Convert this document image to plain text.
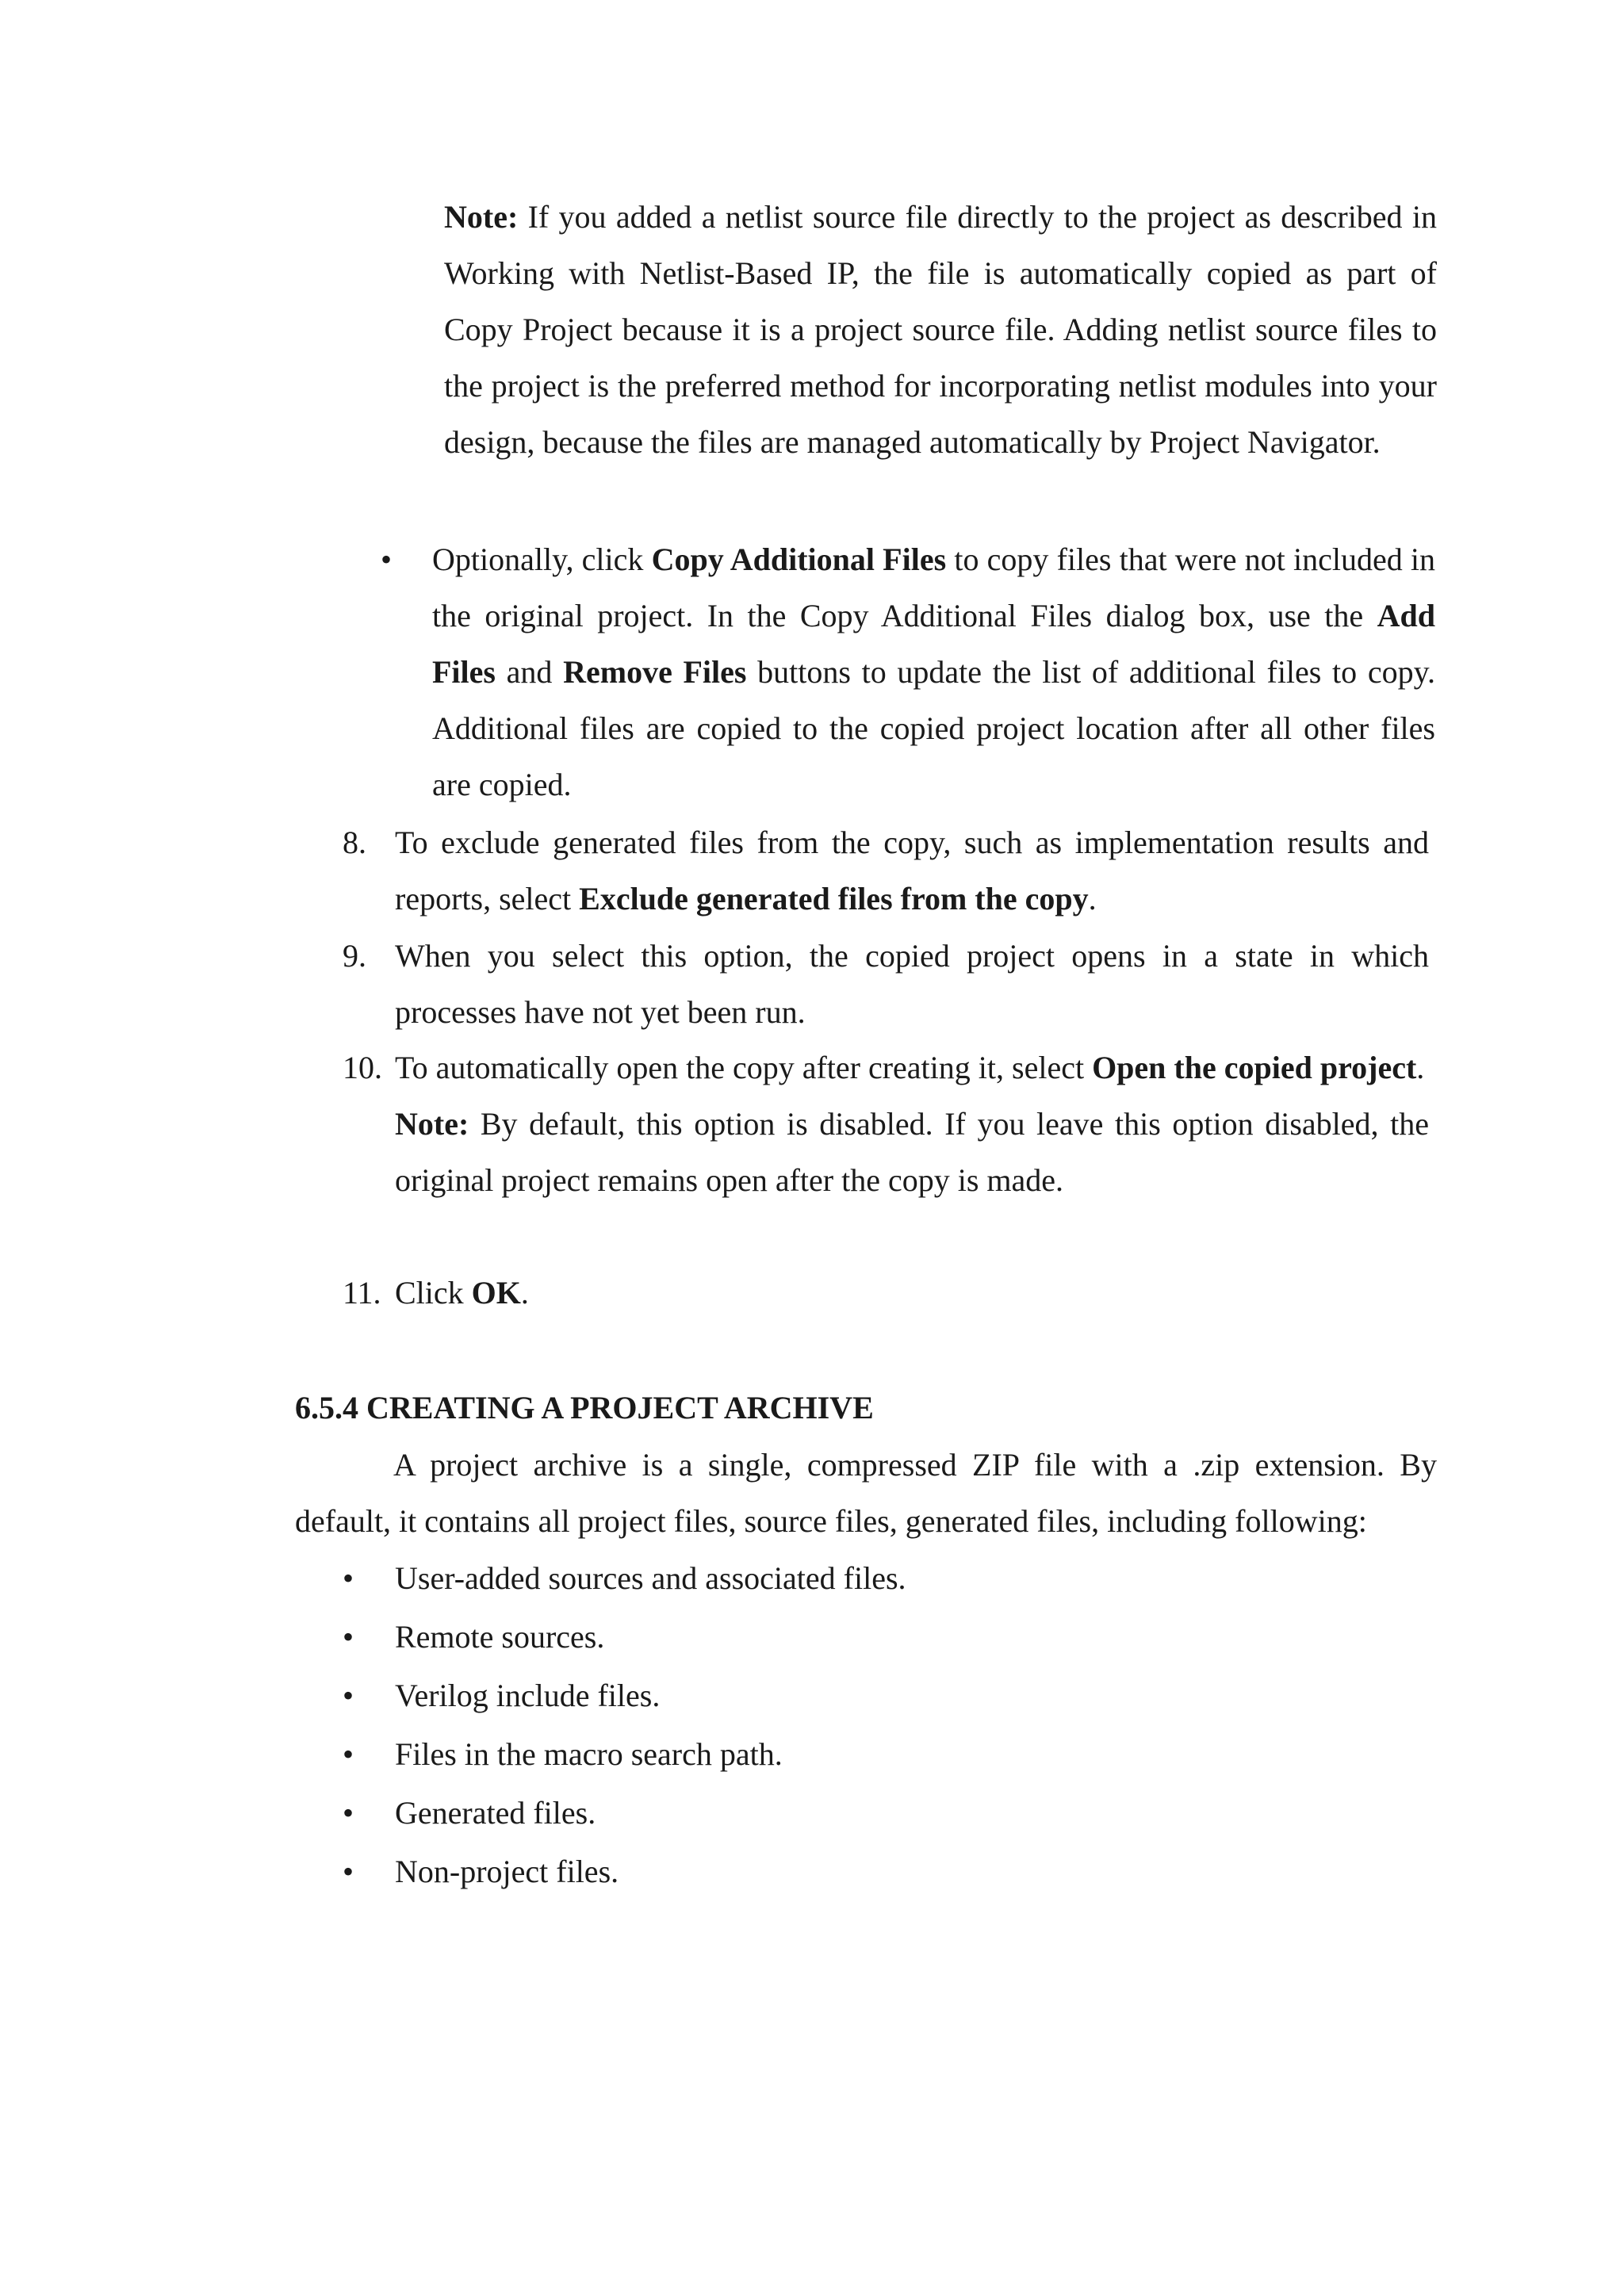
Note: If you added a netlist source file directly to the project as described in Working with Netlist-Based IP, the file is automatically copied as part of Copy Project because it is a project source file. Adding netlist source files to the project is the preferred method for incorporating netlist modules into your design, because the files are managed automatically by Project Navigator.

• Optionally, click Copy Additional Files to copy files that were not included in the original project. In the Copy Additional Files dialog box, use the Add Files and Remove Files buttons to update the list of additional files to copy. Additional files are copied to the copied project location after all other files are copied.
8. To exclude generated files from the copy, such as implementation results and reports, select Exclude generated files from the copy.
9. When you select this option, the copied project opens in a state in which processes have not yet been run.
10. To automatically open the copy after creating it, select Open the copied project.
Note: By default, this option is disabled. If you leave this option disabled, the original project remains open after the copy is made.
11. Click OK.
6.5.4 CREATING A PROJECT ARCHIVE

A project archive is a single, compressed ZIP file with a .zip extension. By default, it contains all project files, source files, generated files, including following:

• User-added sources and associated files.
• Remote sources.
• Verilog include files.
• Files in the macro search path.
• Generated files.
• Non-project files.
